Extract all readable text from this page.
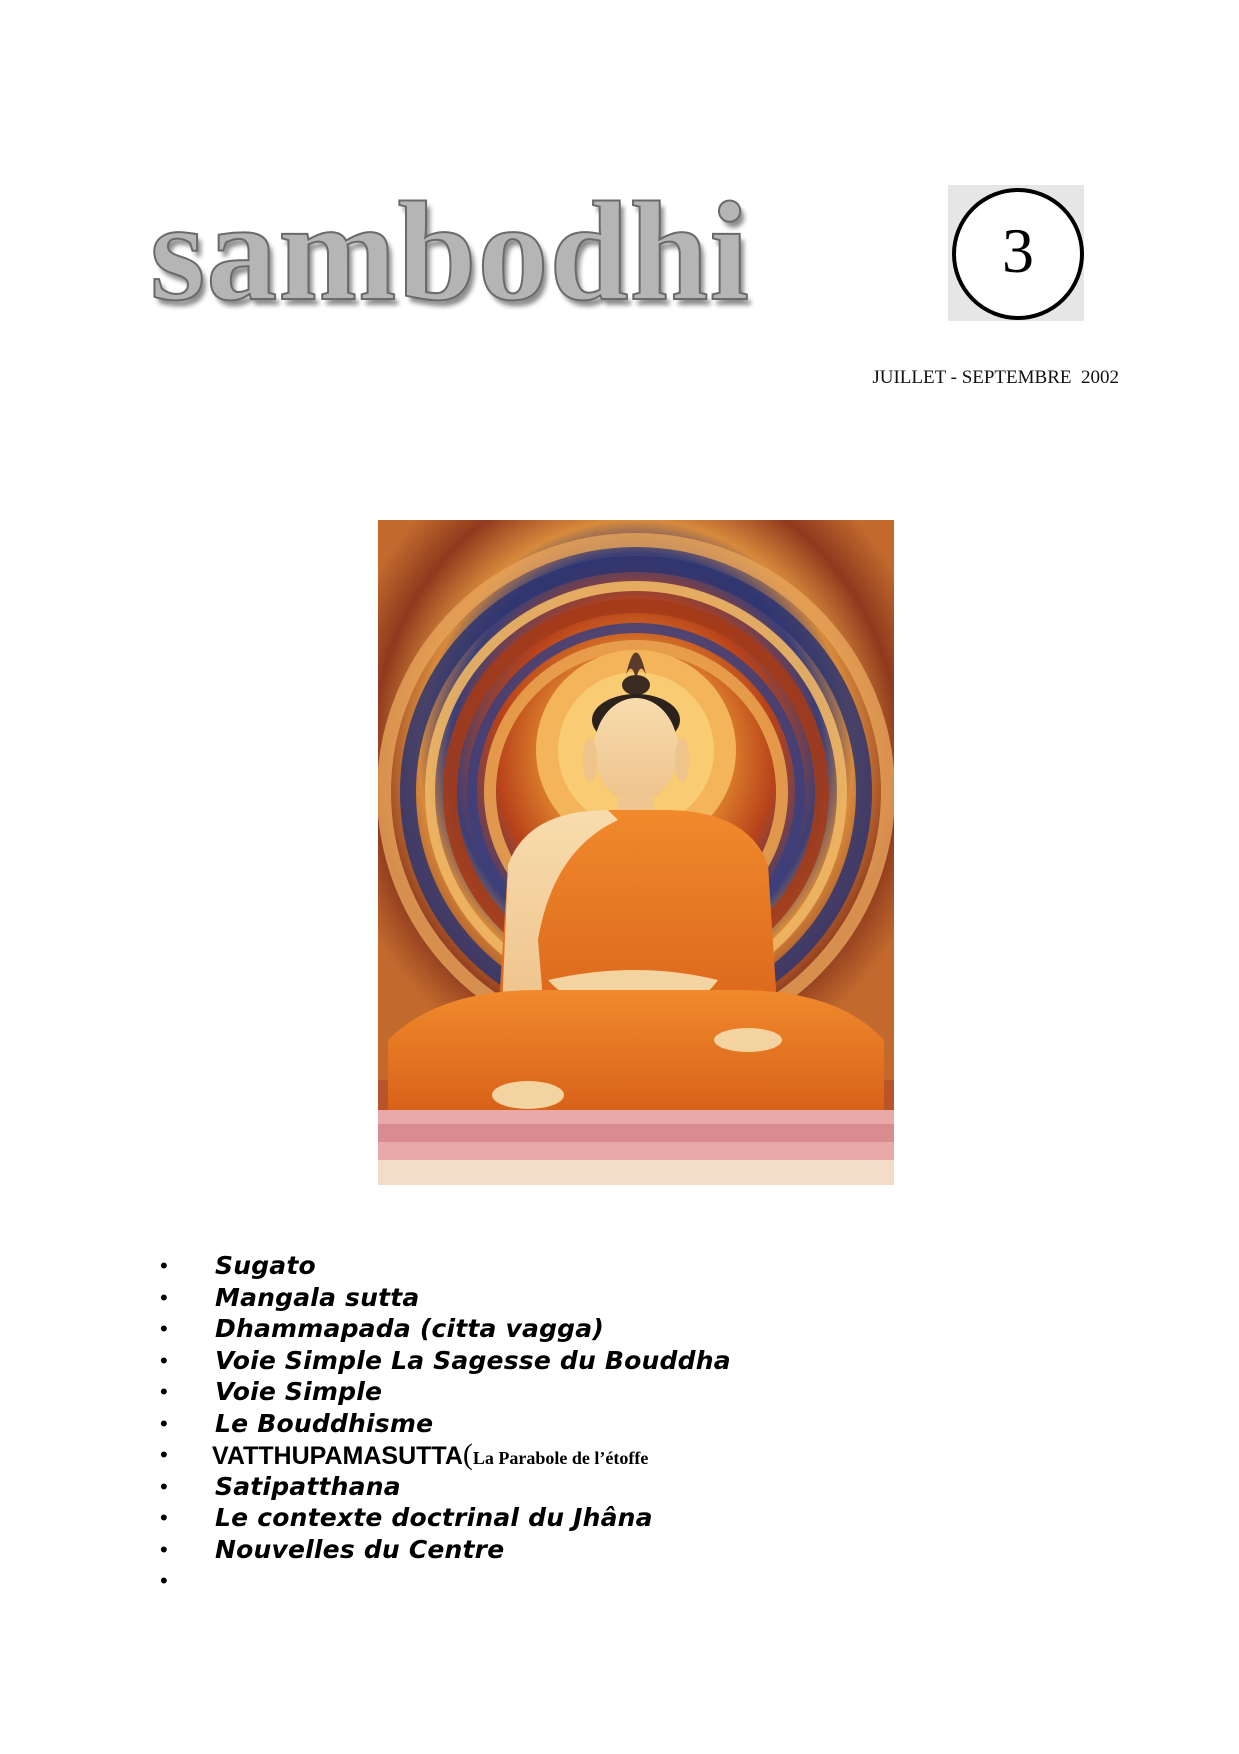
sambodhi	3
JUILLET - SEPTEMBRE  2002
• Sugato
• Mangala sutta
• Dhammapada (citta vagga)
• Voie Simple La Sagesse du Bouddha
• Voie Simple
• Le Bouddhisme
• VATTHUPAMASUTTA(La Parabole de l’étoffe
• Satipatthana
• Le contexte doctrinal du Jhâna
• Nouvelles du Centre
•
